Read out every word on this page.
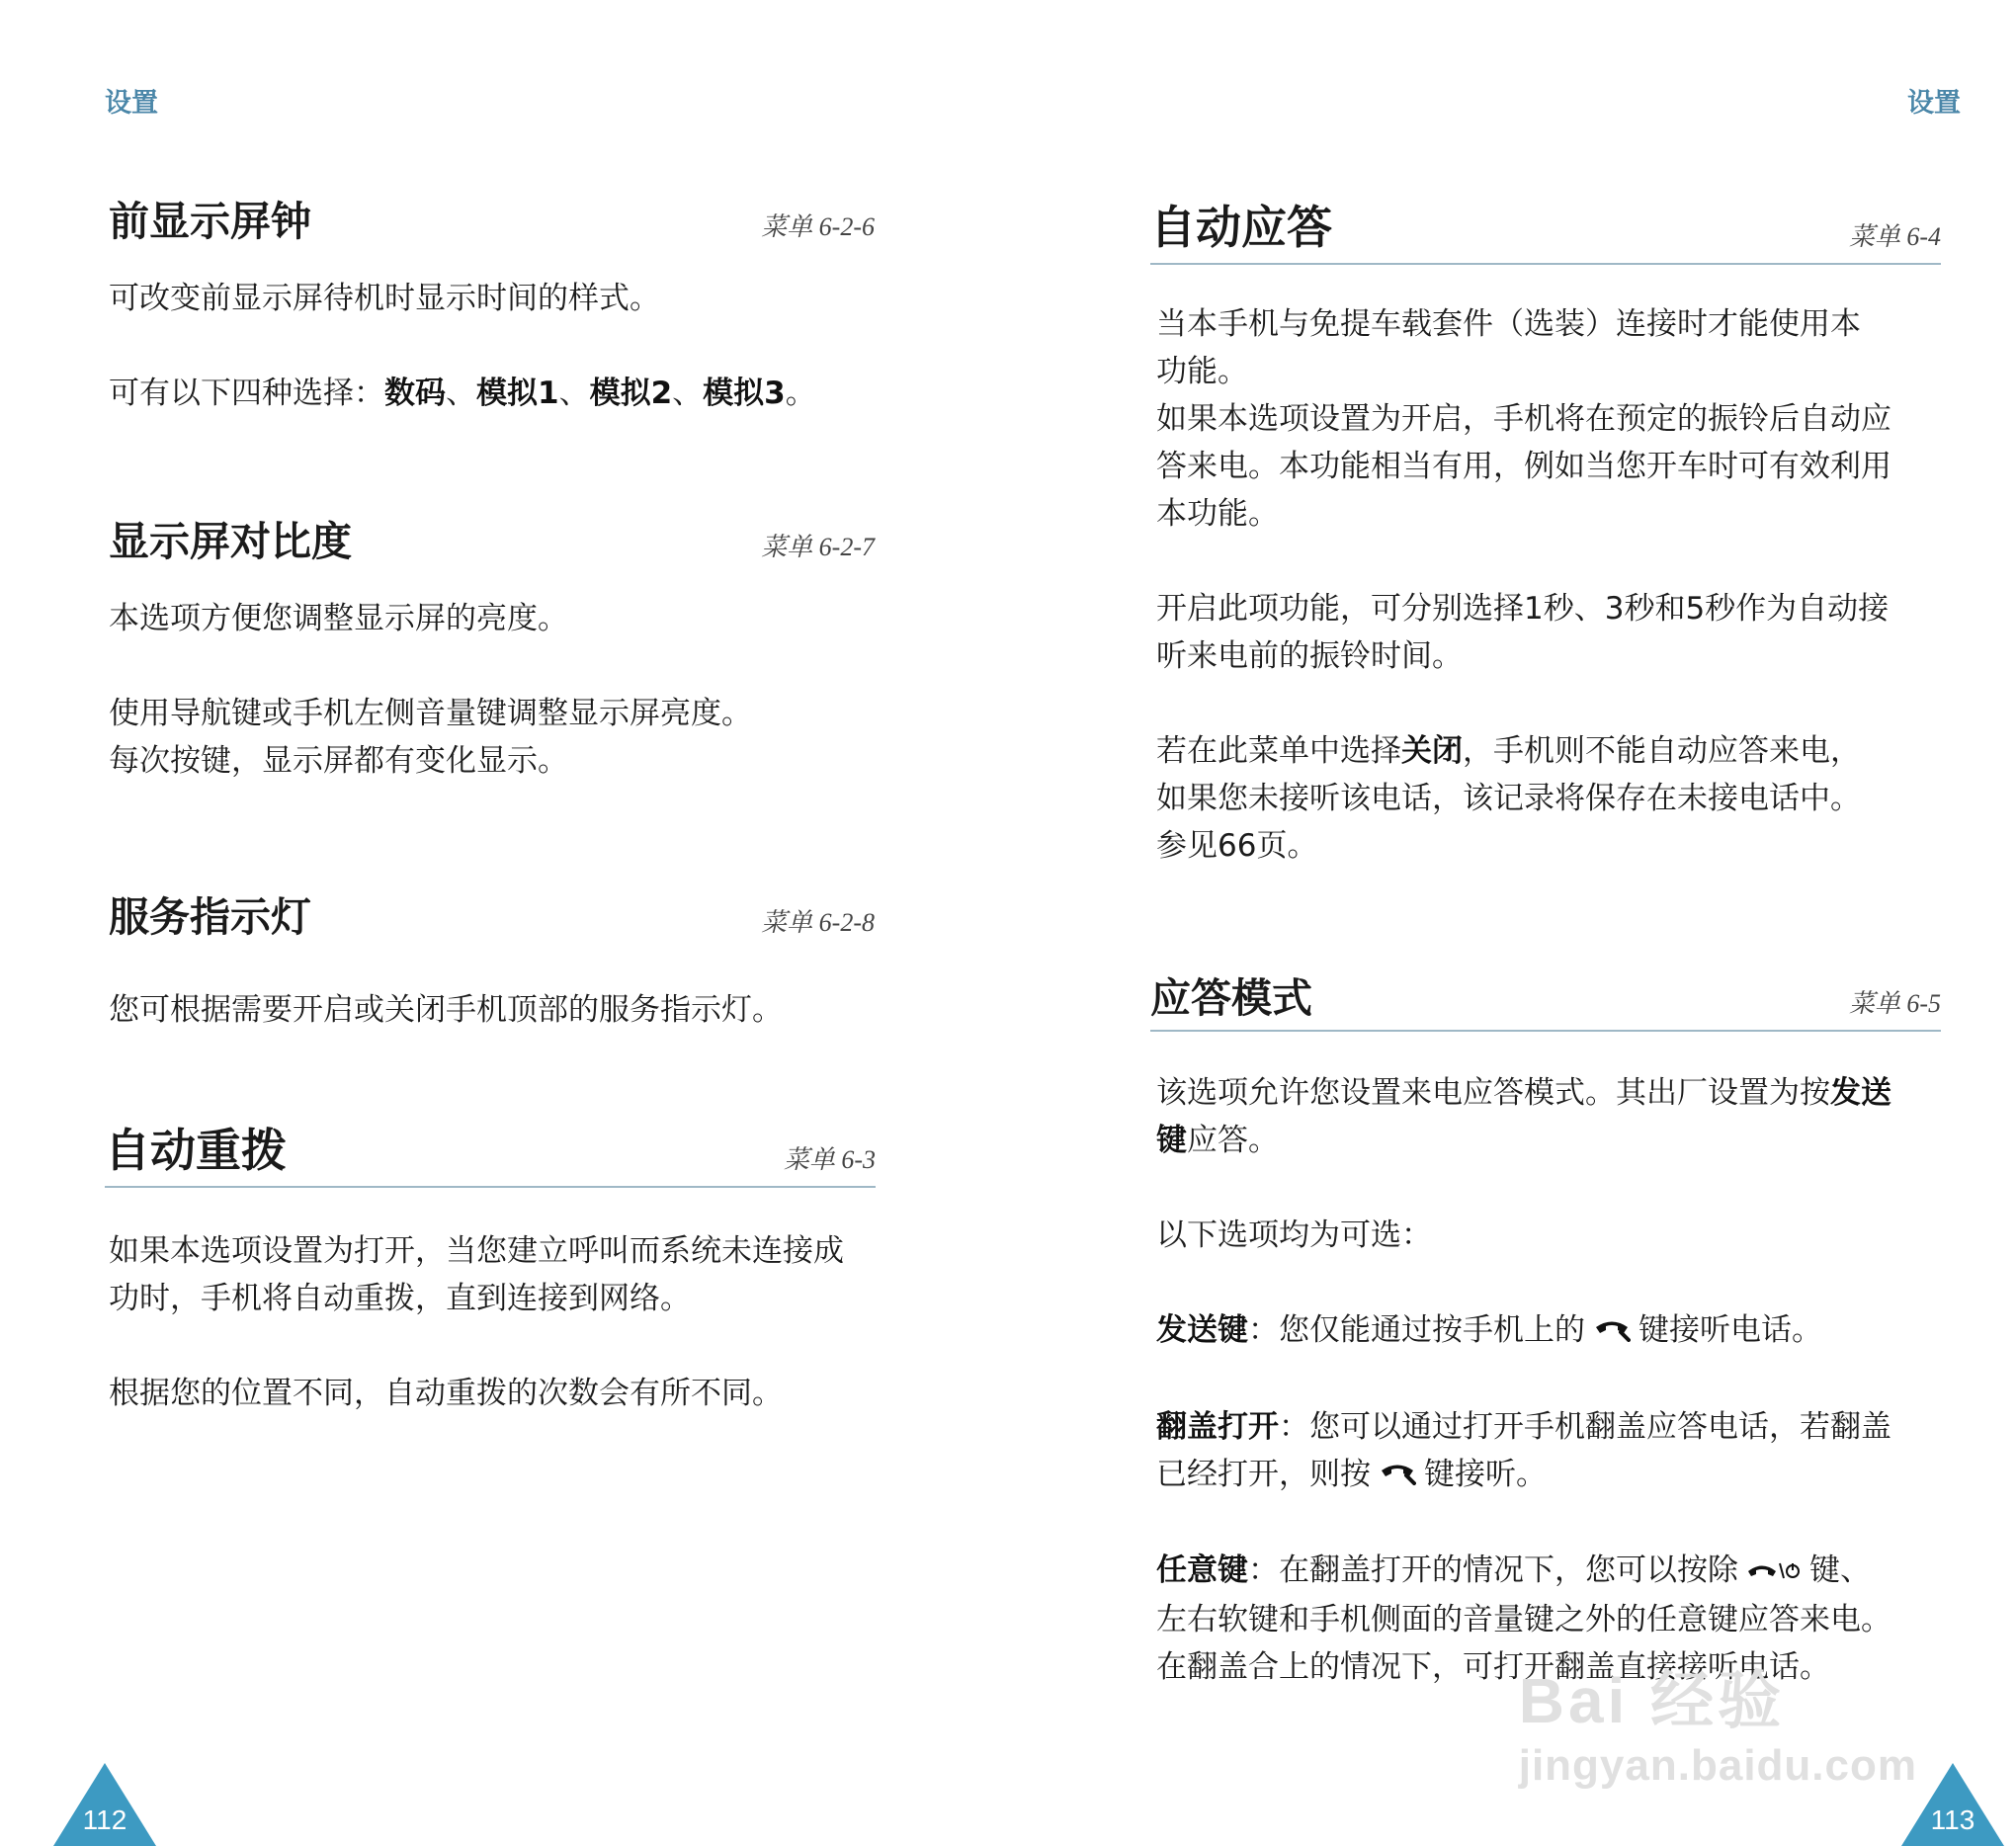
设置
前显示屏钟	菜单 6-2-6
可改变前显示屏待机时显示时间的样式。
可有以下四种选择：数码、模拟1、模拟2、模拟3。
显示屏对比度	菜单 6-2-7
本选项方便您调整显示屏的亮度。
使用导航键或手机左侧音量键调整显示屏亮度。
每次按键，显示屏都有变化显示。
服务指示灯	菜单 6-2-8
您可根据需要开启或关闭手机顶部的服务指示灯。
自动重拨	菜单 6-3
如果本选项设置为打开，当您建立呼叫而系统未连接成
功时，手机将自动重拨，直到连接到网络。
根据您的位置不同，自动重拨的次数会有所不同。
112
设置
自动应答	菜单 6-4
当本手机与免提车载套件（选装）连接时才能使用本
功能。
如果本选项设置为开启，手机将在预定的振铃后自动应
答来电。本功能相当有用，例如当您开车时可有效利用
本功能。
开启此项功能，可分别选择1秒、3秒和5秒作为自动接
听来电前的振铃时间。
若在此菜单中选择关闭，手机则不能自动应答来电，
如果您未接听该电话，该记录将保存在未接电话中。
参见66页。
应答模式	菜单 6-5
该选项允许您设置来电应答模式。其出厂设置为按发送
键应答。
以下选项均为可选：
发送键：您仅能通过按手机上的 键接听电话。
翻盖打开：您可以通过打开手机翻盖应答电话，若翻盖
已经打开，则按 键接听。
任意键：在翻盖打开的情况下，您可以按除 键、
左右软键和手机侧面的音量键之外的任意键应答来电。
在翻盖合上的情况下，可打开翻盖直接接听电话。
113
Bai 经验
jingyan.baidu.com
